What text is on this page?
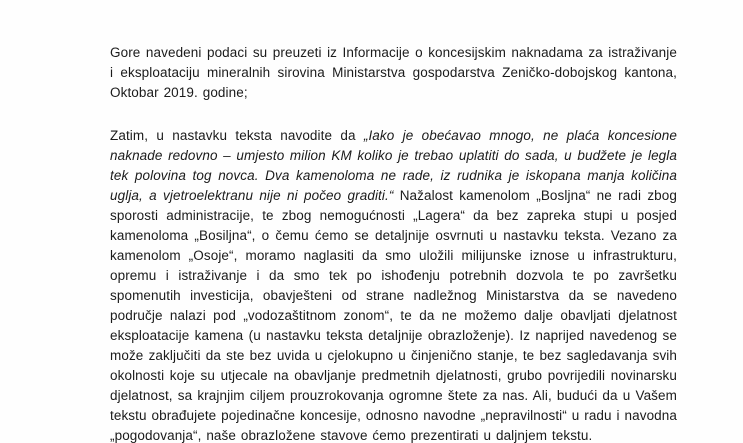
Gore navedeni podaci su preuzeti iz Informacije o koncesijskim naknadama za istraživanje i eksploataciju mineralnih sirovina Ministarstva gospodarstva Zeničko-dobojskog kantona, Oktobar 2019. godine;

Zatim, u nastavku teksta navodite da „Iako je obećavao mnogo, ne plaća koncesione naknade redovno – umjesto milion KM koliko je trebao uplatiti do sada, u budžete je legla tek polovina tog novca. Dva kamenoloma ne rade, iz rudnika je iskopana manja količina uglja, a vjetroelektranu nije ni počeo graditi.“ Nažalost kamenolom „Bosljna“ ne radi zbog sporosti administracije, te zbog nemogućnosti „Lagera“ da bez zapreka stupi u posjed kamenoloma „Bosiljna“, o čemu ćemo se detaljnije osvrnuti u nastavku teksta. Vezano za kamenolom „Osoje“, moramo naglasiti da smo uložili milijunske iznose u infrastrukturu, opremu i istraživanje i da smo tek po ishođenju potrebnih dozvola te po završetku spomenutih investicija, obavješteni od strane nadležnog Ministarstva da se navedeno područje nalazi pod „vodozaštitnom zonom“, te da ne možemo dalje obavljati djelatnost eksploatacije kamena (u nastavku teksta detaljnije obrazloženje). Iz naprijed navedenog se može zaključiti da ste bez uvida u cjelokupno u činjenično stanje, te bez sagledavanja svih okolnosti koje su utjecale na obavljanje predmetnih djelatnosti, grubo povrijedili novinarsku djelatnost, sa krajnjim ciljem prouzrokovanja ogromne štete za nas. Ali, budući da u Vašem tekstu obrađujete pojedinačne koncesije, odnosno navodne „nepravilnosti“ u radu i navodna „pogodovanja“, naše obrazložene stavove ćemo prezentirati u daljnjem tekstu.
